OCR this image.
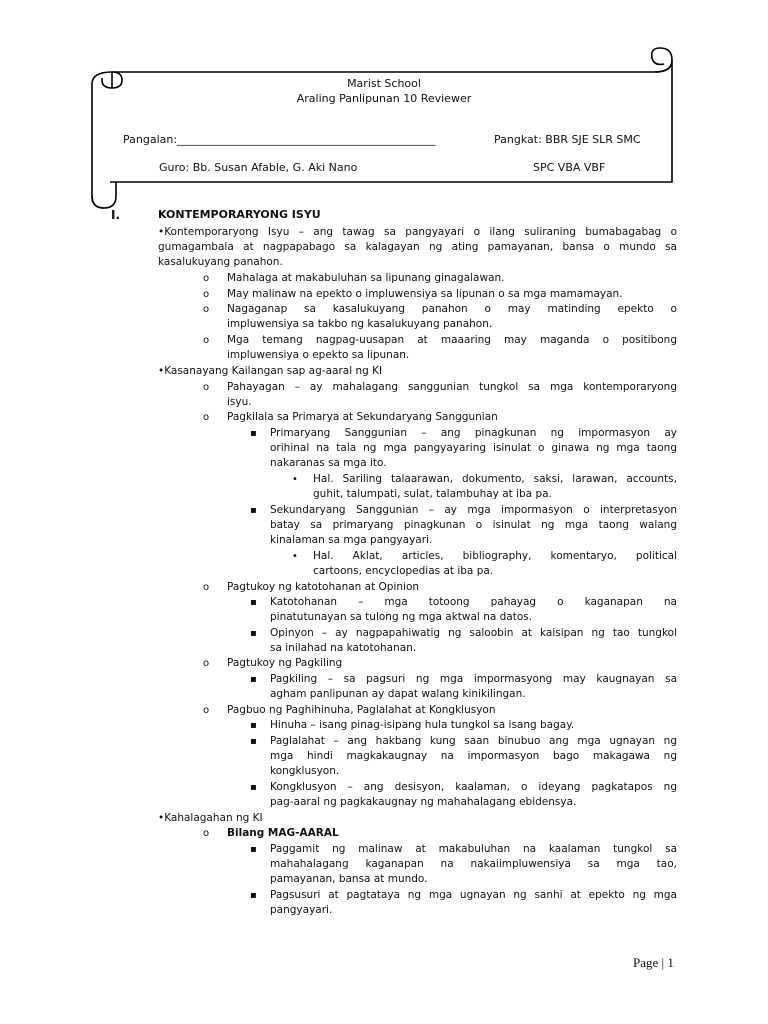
Marist School
Araling Panlipunan 10 Reviewer
Pangalan:_______________________________________________	Pangkat: BBR SJE SLR SMC
Guro: Bb. Susan Afable, G. Aki Nano	SPC VBA VBF
I.	KONTEMPORARYONG ISYU
•Kontemporaryong Isyu – ang tawag sa pangyayari o ilang suliraning bumabagabag o
gumagambala at nagpapabago sa kalagayan ng ating pamayanan, bansa o mundo sa
kasalukuyang panahon.
o Mahalaga at makabuluhan sa lipunang ginagalawan.
o May malinaw na epekto o impluwensiya sa lipunan o sa mga mamamayan.
o Nagaganap sa kasalukuyang panahon o may matinding epekto o
impluwensiya sa takbo ng kasalukuyang panahon.
o Mga temang nagpag-uusapan at maaaring may maganda o positibong
impluwensiya o epekto sa lipunan.
•Kasanayang Kailangan sap ag-aaral ng KI
o Pahayagan – ay mahalagang sanggunian tungkol sa mga kontemporaryong
isyu.
o Pagkilala sa Primarya at Sekundaryang Sanggunian
▪ Primaryang Sanggunian – ang pinagkunan ng impormasyon ay
orihinal na tala ng mga pangyayaring isinulat o ginawa ng mga taong
nakaranas sa mga ito.
• Hal. Sariling talaarawan, dokumento, saksi, larawan, accounts,
guhit, talumpati, sulat, talambuhay at iba pa.
▪ Sekundaryang Sanggunian – ay mga impormasyon o interpretasyon
batay sa primaryang pinagkunan o isinulat ng mga taong walang
kinalaman sa mga pangyayari.
• Hal. Aklat, articles, bibliography, komentaryo, political
cartoons, encyclopedias at iba pa.
o Pagtukoy ng katotohanan at Opinion
▪ Katotohanan – mga totoong pahayag o kaganapan na
pinatutunayan sa tulong ng mga aktwal na datos.
▪ Opinyon – ay nagpapahiwatig ng saloobin at kaisipan ng tao tungkol
sa inilahad na katotohanan.
o Pagtukoy ng Pagkiling
▪ Pagkiling – sa pagsuri ng mga impormasyong may kaugnayan sa
agham panlipunan ay dapat walang kinikilingan.
o Pagbuo ng Paghihinuha, Paglalahat at Kongklusyon
▪ Hinuha – isang pinag-isipang hula tungkol sa isang bagay.
▪ Paglalahat – ang hakbang kung saan binubuo ang mga ugnayan ng
mga hindi magkakaugnay na impormasyon bago makagawa ng
kongklusyon.
▪ Kongklusyon – ang desisyon, kaalaman, o ideyang pagkatapos ng
pag-aaral ng pagkakaugnay ng mahahalagang ebidensya.
•Kahalagahan ng KI
o Bilang MAG-AARAL
▪ Paggamit ng malinaw at makabuluhan na kaalaman tungkol sa
mahahalagang kaganapan na nakaiimpluwensiya sa mga tao,
pamayanan, bansa at mundo.
▪ Pagsusuri at pagtataya ng mga ugnayan ng sanhi at epekto ng mga
pangyayari.
Page | 1
